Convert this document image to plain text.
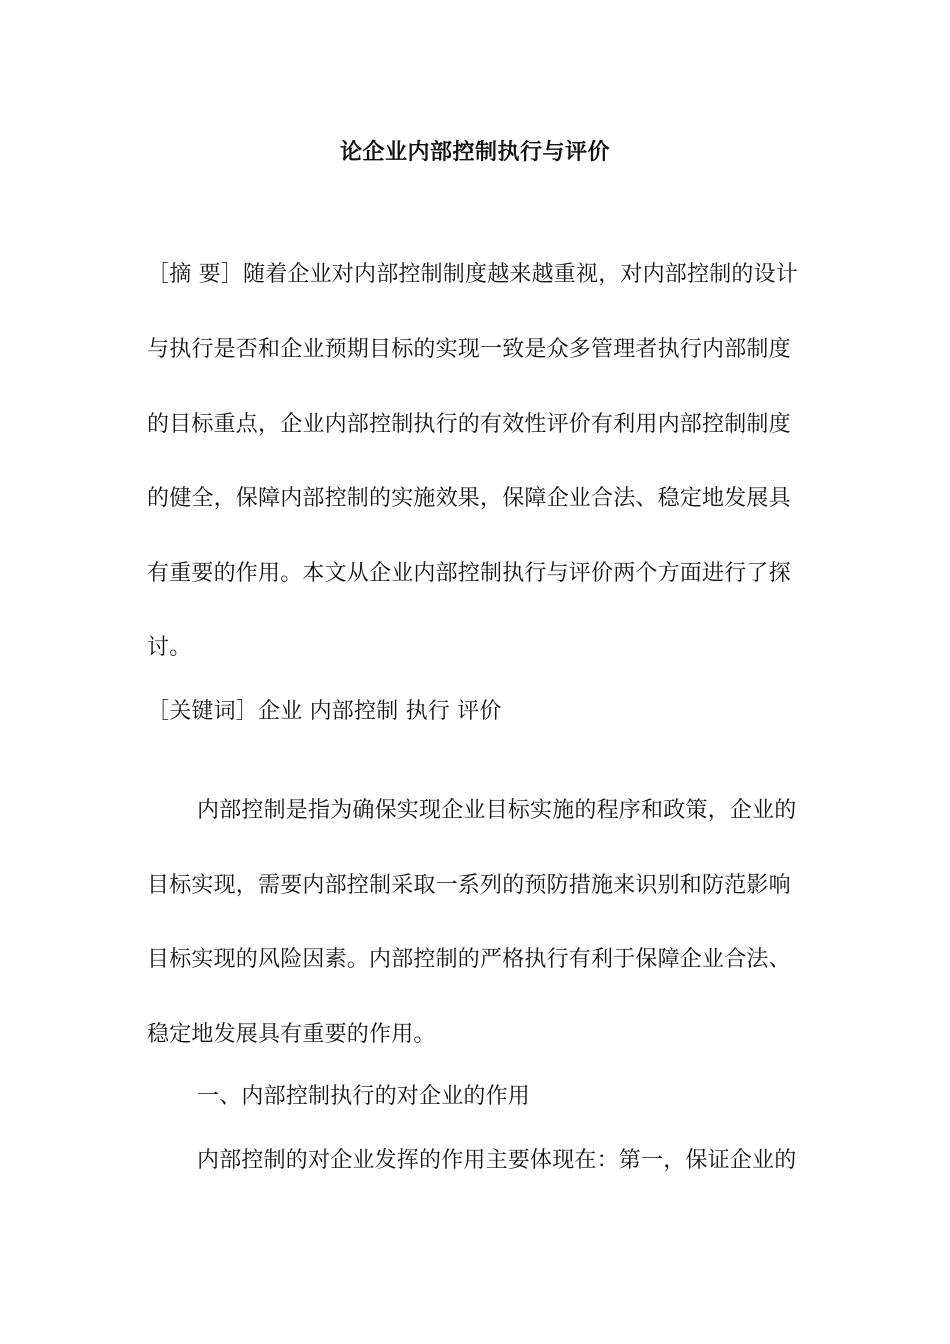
论企业内部控制执行与评价
［摘 要］随着企业对内部控制制度越来越重视，对内部控制的设计
与执行是否和企业预期目标的实现一致是众多管理者执行内部制度
的目标重点，企业内部控制执行的有效性评价有利用内部控制制度
的健全，保障内部控制的实施效果，保障企业合法、稳定地发展具
有重要的作用。本文从企业内部控制执行与评价两个方面进行了探
讨。
［关键词］企业 内部控制 执行 评价
内部控制是指为确保实现企业目标实施的程序和政策，企业的
目标实现，需要内部控制采取一系列的预防措施来识别和防范影响
目标实现的风险因素。内部控制的严格执行有利于保障企业合法、
稳定地发展具有重要的作用。
一、内部控制执行的对企业的作用
内部控制的对企业发挥的作用主要体现在：第一，保证企业的
